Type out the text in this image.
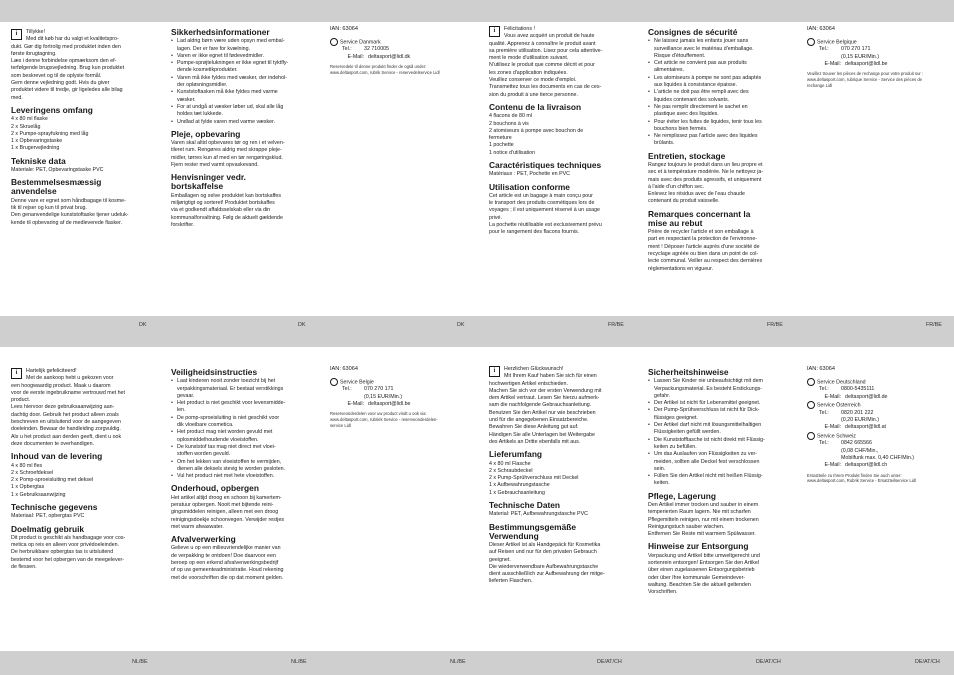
i	Tillykke!

Med dit køb har du valgt et kvalitetspro-
dukt. Gør dig fortrolig med produktet inden den
første ibrugtagning.
Læs i denne forbindelse opmærksom den ef-
terfølgende brugsvejledning. Brug kun produktet
som beskrevet og til de oplyste formål.
Gem denne vejledning godt. Hvis du giver
produktet videre til tredje, gir ligeledes alle bilag
med.

Leveringens omfang
4 x 80 ml flaske
2 x Skruelåg
2 x Pumpe-sprayfukning med låg
1 x Opbevaringstaske
1 x Brugervejledning
Tekniske data

Materiale: PET, Opbevaringstaske PVC

Bestemmelsesmæssig
anvendelse

Denne vare er egnet som håndbagage til kosme-
tik til rejser og kun til privat brug.
Den genanvendelige kunststoftaske tjener udeluk-
kende til opbevaring af de medleverede flasker.

Sikkerhedsinformationer
• Lad aldrig børn være uden opsyn med embal-
lagen. Der er fare for kvælning.
• Varen er ikke egnet til fødevedmidler.
• Pumpe-sprøjtelukningen er ikke egnet til tyktfly-
dende kosmetikprodukter.
• Varen må ikke fyldes med væsker, der indehol-
der opløsningsmidler.
• Kunststoftasken må ikke fyldes med varme
væsker.
• For at undgå at væsker løber ud, skal alle låg
holdes tæt lukkede.
• Undlad at fylde varen med varme væsker.
Pleje, opbevaring

Varen skal altid opbevares tør og ren i et velven-
tileret rum. Rengøres aldrig med skrappe pleje-
midler, tørres kun af med en tør rengøringsklud.
Fjern rester med varmt opvaskevand.

Henvisninger vedr.
bortskaffelse

Emballagen og selve produktet kan bortskaffes
miljørigtigt og sorteret! Produktet bortskaffes
via et godkendt affaldsselskab eller via din
kommunalforvaltning. Følg de aktuelt gældende
forskrifter.

IAN: 63064
Service Danmark
Tel.:	32 710005
E-Mail: deltasport@lidl.dk
Reservedele til denne produkt finder de også under:
www.deltasport.com, rubrik Service - reservedelservice Lidl
i	Félicitations !

Vous avez acquéri un produit de haute
qualité. Apprenez à connaître le produit avant
sa première utilisation. Lisez pour cela attentive-
ment le mode d'utilisation suivant.
N'utilisez le produit que comme décrit et pour
les zones d'application indiquées.
Veuillez conserver ce mode d'emploi.
Transmettez tous les documents en cas de ces-
sion du produit à une tierce personne.

Contenu de la livraison
4 flacons de 80 ml
2 bouchons à vis
2 atomiseurs à pompe avec bouchon de
fermeture
1 pochette
1 notice d'utilisation
Caractéristiques techniques

Matériaux : PET, Pochette en PVC

Utilisation conforme

Cet article est un bagage à main conçu pour
le transport des produits cosmétiques lors de
voyages ; il est uniquement réservé à un usage
privé.
La pochette réutilisable est exclusivement prévu
pour le rangement des flacons fournis.

Consignes de sécurité
• Ne laissez jamais les enfants jouer sans
surveillance avec le matériau d'emballage.
Risque d'étouffement.
• Cet article ne convient pas aux produits
alimentaires.
• Les atomiseurs à pompe ne sont pas adaptés
aux liquides à consistance épaisse.
• L'article ne doit pas être rempli avec des
liquides contenant des solvants.
• Ne pas remplir directement le sachet en
plastique avec des liquides.
• Pour éviter les fuites de liquides, tenir tous les
bouchons bien fermés.
• Ne remplissez pas l'article avec des liquides
brûlants.
Entretien, stockage

Rangez toujours le produit dans un lieu propre et
sec et à température modérée. Ne le nettoyez ja-
mais avec des produits agressifs, et uniquement
à l'aide d'un chiffon sec.
Enlevez les résidus avec de l'eau chaude
contenant du produit vaisselle.

Remarques concernant la
mise au rebut

Prière de recycler l'article et son emballage à
part en respectant la protection de l'environne-
ment ! Déposer l'article auprès d'une société de
recyclage agréée ou bien dans un point de col-
lecte communal. Veiller au respect des dernières
réglementations en vigueur.

IAN: 63064
Service Belgique
Tel.:	070 270 171
(0,15 EUR/Min.)
E-Mail: deltasport@lidl.be
Veuillez trouver les pièces de rechange pour votre produit sur :
www.deltasport.com, rubrique Service - Service des pièces de
rechange Lidl
DK	DK	DK	FR/BE	FR/BE	FR/BE
i	Hartelijk gefeliciteerd!

Met de aankoop hebt u gekozen voor
een hoogwaardig product. Maak u daarom
voor de eerste ingebruikname vertrouwd met het
product.
Lees hiervoor deze gebruiksaanwijzing aan-
dachtig door. Gebruik het product alleen zoals
beschreven en uitsluitend voor de aangegeven
doeleinden. Bewaar de handleiding zorgvuldig.
Als u het product aan derden geeft, dient u ook
deze documenten te overhandigen.

Inhoud van de levering
4 x 80 ml fles
2 x Schroefdeksel
2 x Pomp-sproeisluiting met deksel
1 x Opbergtas
1 x Gebruiksaanwijzing
Technische gegevens

Materiaal: PET, opbergtas PVC

Doelmatig gebruik

Dit product is geschikt als handbagage voor cos-
metica op reis en alleen voor privédoeleinden.
De herbruikbare opbergtas tas is uitsluitend
bestemd voor het opbergen van de meegelever-
de flessen.

Veiligheidsinstructies
• Laat kinderen nooit zonder toezicht bij het
verpakkingsmateriaal. Er bestaat verstikkings
gevaar.
• Het product is niet geschikt voor levensmidde-
len.
• De pomp-sproeisluiting is niet geschikt voor
dik vloeibare cosmetica.
• Het product mag niet worden gevuld met
oplosmiddelhoudende vloeistoffen.
• De kunststof tas mag niet direct met vloei-
stoffen worden gevuld.
• Om het lekken van vloeistoffen te vermijden,
dienen alle deksels stevig te worden gesloten.
• Vul het product niet met hete vloeistoffen.
Onderhoud, opbergen

Het artikel altijd droog en schoon bij kamertem-
peratuur opbergen. Nooit met bijtende reini-
gingsmiddelen reinigen, alleen met een droog
reinigingsdoekje schoonvegen. Verwijder restjes
met warm afwaswater.

Afvalverwerking

Gelieve u op een milieuvriendelijke manier van
de verpakking te ontdoen! Doe daarvoor een
beroep op een erkend afvalverwerkingsbedrijf
of op uw gemeenteadministratie. Houd rekening
met de voorschriften die op dat moment gelden.

IAN: 63064
Service Belgie
Tel.:	070 270 171
(0,15 EUR/Min.)
E-Mail: deltasport@lidl.be
Reserveonderdelen voor uw product vindt u ook via:
www.deltasport.com, rubriek Service - reserveonderdelen-
service Lidl
i	Herzlichen Glückwunsch!

Mit Ihrem Kauf haben Sie sich für einen
hochwertigen Artikel entschieden.
Machen Sie sich vor der ersten Verwendung mit
dem Artikel vertraut. Lesen Sie hierzu aufmerk-
sam die nachfolgende Gebrauchsanleitung.
Benutzen Sie den Artikel nur wie beschrieben
und für die angegebenen Einsatzbereiche.
Bewahren Sie diese Anleitung gut auf.
Händigen Sie alle Unterlagen bei Weitergabe
des Artikels an Dritte ebenfalls mit aus.

Lieferumfang
4 x 80 ml Flasche
2 x Schraubdeckel
2 x Pump-Sprühverschluss mit Deckel
1 x Aufbewahrungstasche
1 x Gebrauchsanleitung
Technische Daten

Material: PET, Aufbewahrungstasche PVC

Bestimmungsgemäße
Verwendung

Dieser Artikel ist als Handgepäck für Kosmetika
auf Reisen und nur für den privaten Gebrauch
geeignet.
Die wiederverwendbare Aufbewahrungstasche
dient ausschließlich zur Aufbewahrung der mitge-
lieferten Flaschen.

Sicherheitshinweise
• Lassen Sie Kinder nie unbeaufsichtigt mit dem
Verpackungsmaterial. Es besteht Erstickungs-
gefahr.
• Der Artikel ist nicht für Lebensmittel geeignet.
• Der Pump-Sprühverschluss ist nicht für Dick-
flüssiges geeignet.
• Der Artikel darf nicht mit lösungsmittelhaltigen
Flüssigkeiten gefüllt werden.
• Die Kunststofftasche ist nicht direkt mit Flüssig-
keiten zu befüllen.
• Um das Auslaufen von Flüssigkeiten zu ver-
meiden, sollten alle Deckel fest verschlossen
sein.
• Füllen Sie den Artikel nicht mit heißen Flüssig-
keiten.
Pflege, Lagerung

Den Artikel immer trocken und sauber in einem
temperierten Raum lagern. Nie mit scharfen
Pflegemitteln reinigen, nur mit einem trockenen
Reinigungstuch sauber wischen.
Entfernen Sie Reste mit warmem Spülwasser.

Hinweise zur Entsorgung

Verpackung und Artikel bitte umweltgerecht und
sortenrein entsorgen! Entsorgen Sie den Artikel
über einen zugelassenen Entsorgungsbetrieb
oder über Ihre kommunale Gemeindever-
waltung. Beachten Sie die aktuell geltenden
Vorschriften.

IAN: 63064
Service Deutschland
Tel.:	0800-5435111
E-Mail: deltasport@lidl.de
Service Österreich
Tel.:	0820 201 222
(0,20 EUR/Min.)
E-Mail: deltasport@lidl.at
Service Schweiz
Tel.:	0842 665566
(0,08 CHF/Min.,
Mobilfunk max. 0,40 CHF/Min.)
E-Mail: deltasport@lidl.ch
Ersatzteile zu Ihrem Produkt finden Sie auch unter:
www.deltasport.com, Rubrik Service - Ersatzteilservice Lidl
NL/BE	NL/BE	NL/BE	DE/AT/CH	DE/AT/CH	DE/AT/CH
